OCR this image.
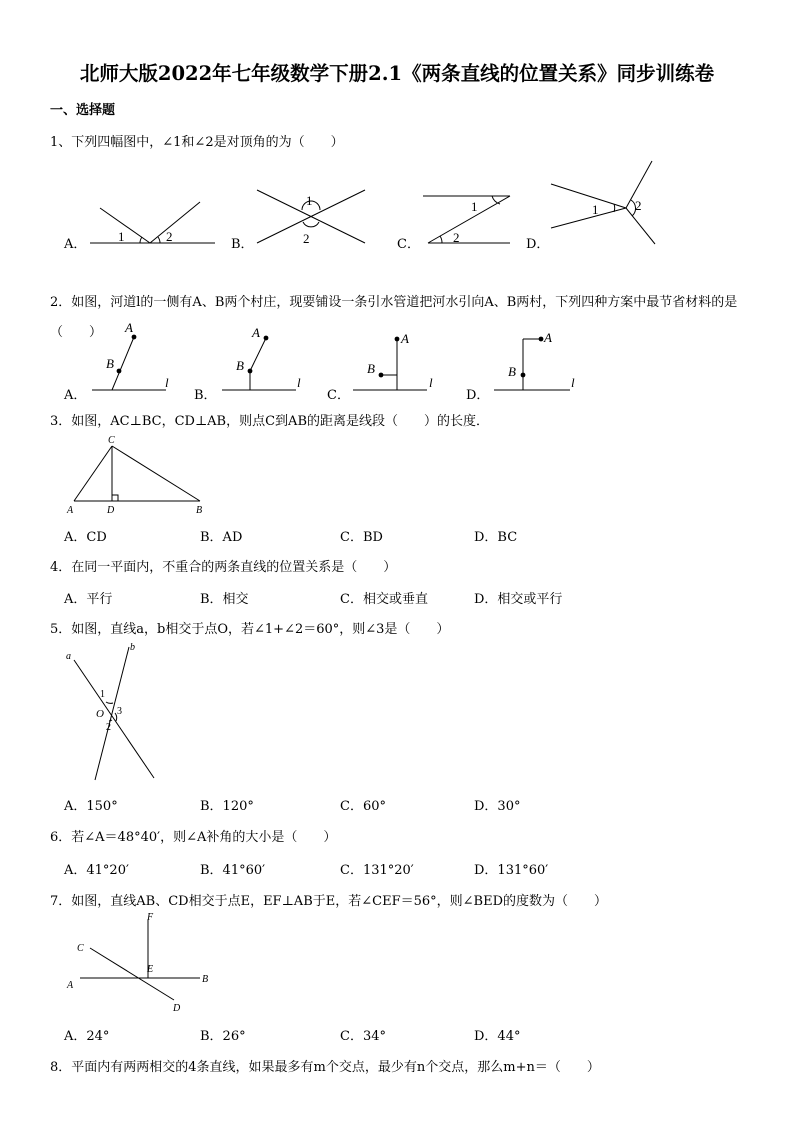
北师大版2022年七年级数学下册2.1《两条直线的位置关系》同步训练卷
一、选择题
1、下列四幅图中，∠1和∠2是对顶角的为（　　）
A．	B．	C．	D．
1	2
1
2
1
2
1	2
2．如图，河道l的一侧有A、B两个村庄，现要铺设一条引水管道把河水引向A、B两村，下列四种方案中最节省材料的是（　　）
A．	B．	C．	D．
A
B
l
A
B
l
A
B
l
A
B
l
3．如图，AC⊥BC，CD⊥AB，则点C到AB的距离是线段（　　）的长度．
C
A	D	B
A．CD	B．AD	C．BD	D．BC
4．在同一平面内，不重合的两条直线的位置关系是（　　）
A．平行	B．相交	C．相交或垂直	D．相交或平行
5．如图，直线a，b相交于点O，若∠1+∠2＝60°，则∠3是（　　）
a
b
1
O 3
2
A．150°	B．120°	C．60°	D．30°
6．若∠A＝48°40′，则∠A补角的大小是（　　）
A．41°20′	B．41°60′	C．131°20′	D．131°60′
7．如图，直线AB、CD相交于点E，EF⊥AB于E，若∠CEF＝56°，则∠BED的度数为（　　）
F
C
E
A
B
D
A．24°	B．26°	C．34°	D．44°
8．平面内有两两相交的4条直线，如果最多有m个交点，最少有n个交点，那么m+n＝（　　）
